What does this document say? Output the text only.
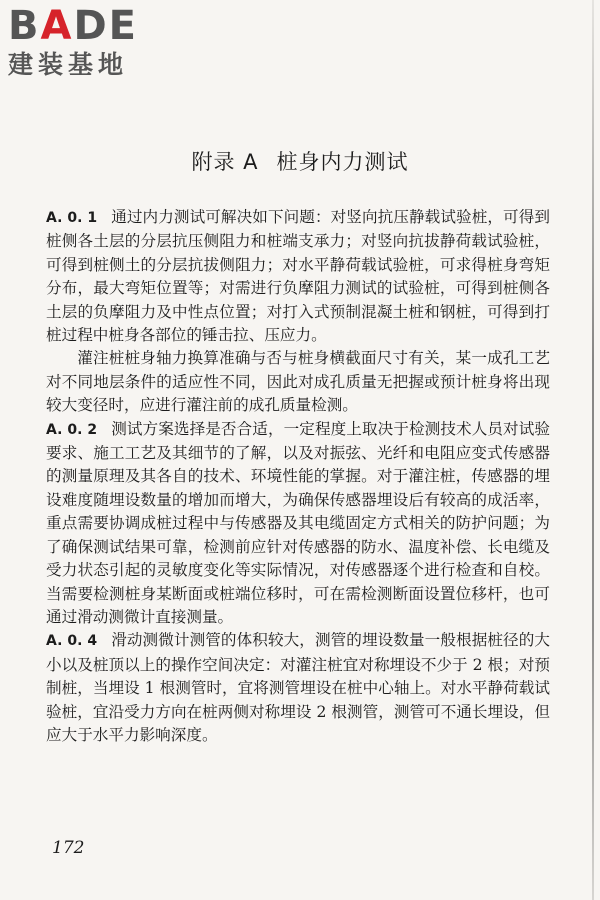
BADE
建装基地
附录 A 桩身内力测试

A. 0. 1 通过内力测试可解决如下问题：对竖向抗压静载试验桩，可得到桩侧各土层的分层抗压侧阻力和桩端支承力；对竖向抗拔静荷载试验桩，可得到桩侧土的分层抗拔侧阻力；对水平静荷载试验桩，可求得桩身弯矩分布，最大弯矩位置等；对需进行负摩阻力测试的试验桩，可得到桩侧各土层的负摩阻力及中性点位置；对打入式预制混凝土桩和钢桩，可得到打桩过程中桩身各部位的锤击拉、压应力。

灌注桩桩身轴力换算准确与否与桩身横截面尺寸有关，某一成孔工艺对不同地层条件的适应性不同，因此对成孔质量无把握或预计桩身将出现较大变径时，应进行灌注前的成孔质量检测。

A. 0. 2 测试方案选择是否合适，一定程度上取决于检测技术人员对试验要求、施工工艺及其细节的了解，以及对振弦、光纤和电阻应变式传感器的测量原理及其各自的技术、环境性能的掌握。对于灌注桩，传感器的埋设难度随埋设数量的增加而增大，为确保传感器埋设后有较高的成活率，重点需要协调成桩过程中与传感器及其电缆固定方式相关的防护问题；为了确保测试结果可靠，检测前应针对传感器的防水、温度补偿、长电缆及受力状态引起的灵敏度变化等实际情况，对传感器逐个进行检查和自校。当需要检测桩身某断面或桩端位移时，可在需检测断面设置位移杆，也可通过滑动测微计直接测量。

A. 0. 4 滑动测微计测管的体积较大，测管的埋设数量一般根据桩径的大小以及桩顶以上的操作空间决定：对灌注桩宜对称埋设不少于 2 根；对预制桩，当埋设 1 根测管时，宜将测管埋设在桩中心轴上。对水平静荷载试验桩，宜沿受力方向在桩两侧对称埋设 2 根测管，测管可不通长埋设，但应大于水平力影响深度。

172
